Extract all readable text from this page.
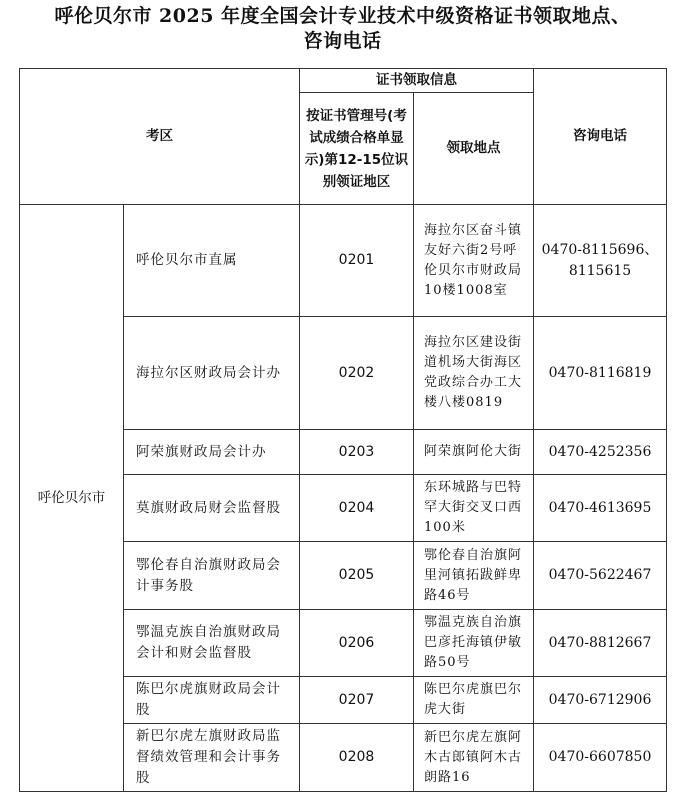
呼伦贝尔市 2025 年度全国会计专业技术中级资格证书领取地点、
咨询电话
考区		证书领取信息		咨询电话
		按证书管理号(考试成绩合格单显示)第12-15位识别领证地区	领取地点	
呼伦贝尔市	呼伦贝尔市直属	0201	海拉尔区奋斗镇友好六街2号呼伦贝尔市财政局10楼1008室	0470-8115696、8115615
	海拉尔区财政局会计办	0202	海拉尔区建设街道机场大街海区党政综合办工大楼八楼0819	0470-8116819
	阿荣旗财政局会计办	0203	阿荣旗阿伦大街	0470-4252356
	莫旗财政局财会监督股	0204	东环城路与巴特罕大街交叉口西100米	0470-4613695
	鄂伦春自治旗财政局会计事务股	0205	鄂伦春自治旗阿里河镇拓跋鲜卑路46号	0470-5622467
	鄂温克族自治旗财政局会计和财会监督股	0206	鄂温克族自治旗巴彦托海镇伊敏路50号	0470-8812667
	陈巴尔虎旗财政局会计股	0207	陈巴尔虎旗巴尔虎大街	0470-6712906
	新巴尔虎左旗财政局监督绩效管理和会计事务股	0208	新巴尔虎左旗阿木古郎镇阿木古朗路16	0470-6607850
